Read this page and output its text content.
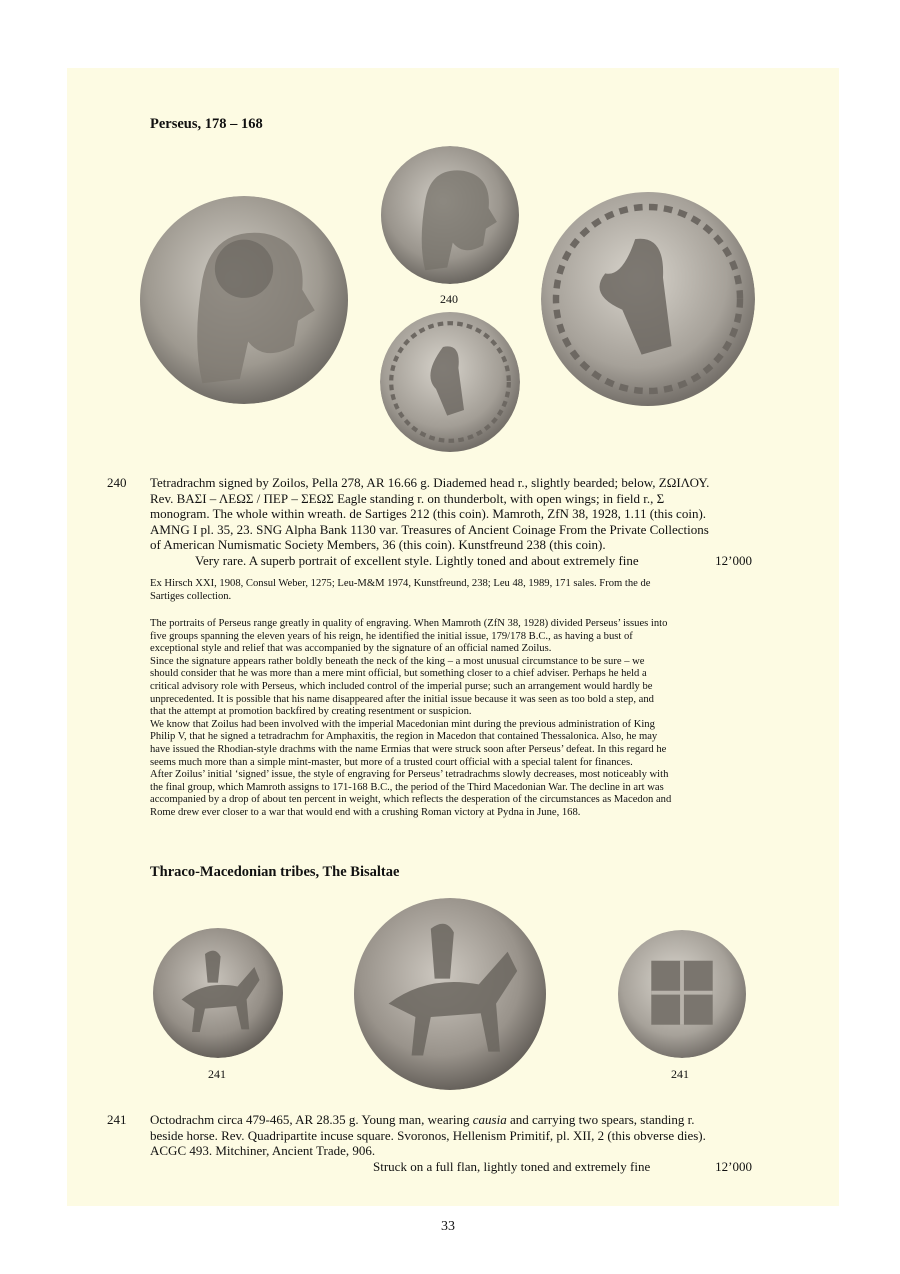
Perseus, 178 – 168
240
240 Tetradrachm signed by Zoilos, Pella 278, AR 16.66 g. Diademed head r., slightly bearded; below, ΖΩΙΛΟΥ.
Rev. ΒΑΣΙ – ΛΕΩΣ / ΠΕΡ – ΣΕΩΣ Eagle standing r. on thunderbolt, with open wings; in field r., Σ
monogram. The whole within wreath. de Sartiges 212 (this coin). Mamroth, ZfN 38, 1928, 1.11 (this coin).
AMNG I pl. 35, 23. SNG Alpha Bank 1130 var. Treasures of Ancient Coinage From the Private Collections
of American Numismatic Society Members, 36 (this coin). Kunstfreund 238 (this coin).
Very rare. A superb portrait of excellent style. Lightly toned and about extremely fine	12’000
Ex Hirsch XXI, 1908, Consul Weber, 1275; Leu-M&M 1974, Kunstfreund, 238; Leu 48, 1989, 171 sales. From the de
Sartiges collection.
The portraits of Perseus range greatly in quality of engraving. When Mamroth (ZfN 38, 1928) divided Perseus’ issues into
five groups spanning the eleven years of his reign, he identified the initial issue, 179/178 B.C., as having a bust of
exceptional style and relief that was accompanied by the signature of an official named Zoilus.
Since the signature appears rather boldly beneath the neck of the king – a most unusual circumstance to be sure – we
should consider that he was more than a mere mint official, but something closer to a chief adviser. Perhaps he held a
critical advisory role with Perseus, which included control of the imperial purse; such an arrangement would hardly be
unprecedented. It is possible that his name disappeared after the initial issue because it was seen as too bold a step, and
that the attempt at promotion backfired by creating resentment or suspicion.
We know that Zoilus had been involved with the imperial Macedonian mint during the previous administration of King
Philip V, that he signed a tetradrachm for Amphaxitis, the region in Macedon that contained Thessalonica. Also, he may
have issued the Rhodian-style drachms with the name Ermias that were struck soon after Perseus’ defeat. In this regard he
seems much more than a simple mint-master, but more of a trusted court official with a special talent for finances.
After Zoilus’ initial ‘signed’ issue, the style of engraving for Perseus’ tetradrachms slowly decreases, most noticeably with
the final group, which Mamroth assigns to 171-168 B.C., the period of the Third Macedonian War. The decline in art was
accompanied by a drop of about ten percent in weight, which reflects the desperation of the circumstances as Macedon and
Rome drew ever closer to a war that would end with a crushing Roman victory at Pydna in June, 168.
Thraco-Macedonian tribes, The Bisaltae
241	241
241 Octodrachm circa 479-465, AR 28.35 g. Young man, wearing causia and carrying two spears, standing r.
beside horse. Rev. Quadripartite incuse square. Svoronos, Hellenism Primitif, pl. XII, 2 (this obverse dies).
ACGC 493. Mitchiner, Ancient Trade, 906.
Struck on a full flan, lightly toned and extremely fine	12’000
33
